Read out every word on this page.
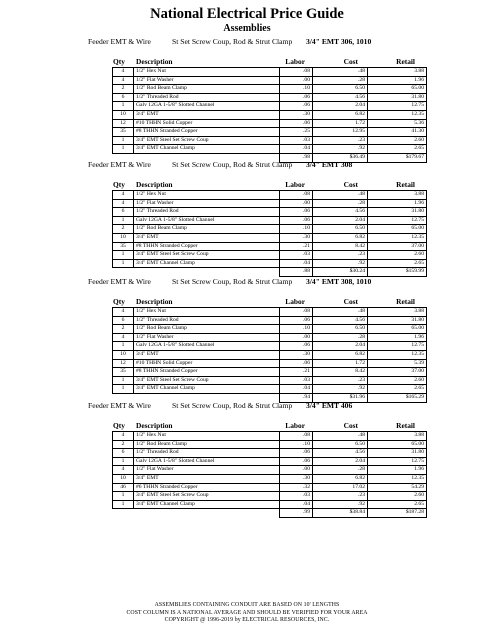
National Electrical Price Guide
Assemblies
Feeder EMT & Wire	St Set Screw Coup, Rod & Strut Clamp 3/4" EMT 306, 1010
Qty Description	Labor	Cost	Retail
4	1/2" Hex Nut	.08	.48	3.88
4	1/2" Flat Washer	.00	.28	1.96
2	1/2" Rod Beam Clamp	.10	6.50	65.00
6	1/2" Threaded Rod	.06	4.56	31.80
1	Galv 12GA 1-5/8" Slotted Channel	.06	2.04	12.75
10	3/4" EMT	.30	6.82	12.35
12	#10 THHN Solid Copper	.06	1.72	5.36
35	#8 THHN Stranded Copper	.25	12.95	41.30
1	3/4" EMT Steel Set Screw Coup	.03	.23	2.60
1	3/4" EMT Channel Clamp	.04	.92	2.65
		.98	$36.49	$179.67
Feeder EMT & Wire	St Set Screw Coup, Rod & Strut Clamp 3/4" EMT 308
Qty Description	Labor	Cost	Retail
4	1/2" Hex Nut	.08	.48	3.88
4	1/2" Flat Washer	.00	.28	1.96
6	1/2" Threaded Rod	.06	4.56	31.80
1	Galv 12GA 1-5/8" Slotted Channel	.06	2.04	12.75
2	1/2" Rod Beam Clamp	.10	6.50	65.00
10	3/4" EMT	.30	6.82	12.35
35	#8 THHN Stranded Copper	.21	8.42	37.00
1	3/4" EMT Steel Set Screw Coup	.03	.23	2.60
1	3/4" EMT Channel Clamp	.04	.92	2.65
		.88	$30.24	$159.99
Feeder EMT & Wire	St Set Screw Coup, Rod & Strut Clamp 3/4" EMT 308, 1010
Qty Description	Labor	Cost	Retail
4	1/2" Hex Nut	.08	.48	3.88
6	1/2" Threaded Rod	.06	4.56	31.80
2	1/2" Rod Beam Clamp	.10	6.50	65.00
4	1/2" Flat Washer	.00	.28	1.96
1	Galv 12GA 1-5/8" Slotted Channel	.06	2.04	12.75
10	3/4" EMT	.30	6.82	12.35
12	#10 THHN Solid Copper	.06	1.72	5.39
35	#8 THHN Stranded Copper	.21	8.42	37.00
1	3/4" EMT Steel Set Screw Coup	.03	.23	2.60
1	3/4" EMT Channel Clamp	.04	.92	2.65
		.94	$31.96	$165.29
Feeder EMT & Wire	St Set Screw Coup, Rod & Strut Clamp 3/4" EMT 406
Qty Description	Labor	Cost	Retail
4	1/2" Hex Nut	.08	.48	3.88
2	1/2" Rod Beam Clamp	.10	6.50	65.00
6	1/2" Threaded Rod	.06	4.56	31.80
1	Galv 12GA 1-5/8" Slotted Channel	.06	2.04	12.75
4	1/2" Flat Washer	.00	.28	1.96
10	3/4" EMT	.30	6.82	12.35
46	#6 THHN Stranded Copper	.32	17.02	54.29
1	3/4" EMT Steel Set Screw Coup	.03	.23	2.60
1	3/4" EMT Channel Clamp	.04	.92	2.65
		.99	$38.84	$187.28
ASSEMBLIES CONTAINING CONDUIT ARE BASED ON 10' LENGTHS
COST COLUMN IS A NATIONAL AVERAGE AND SHOULD BE VERIFIED FOR YOUR AREA
COPYRIGHT @ 1996-2019 by ELECTRICAL RESOURCES, INC.
